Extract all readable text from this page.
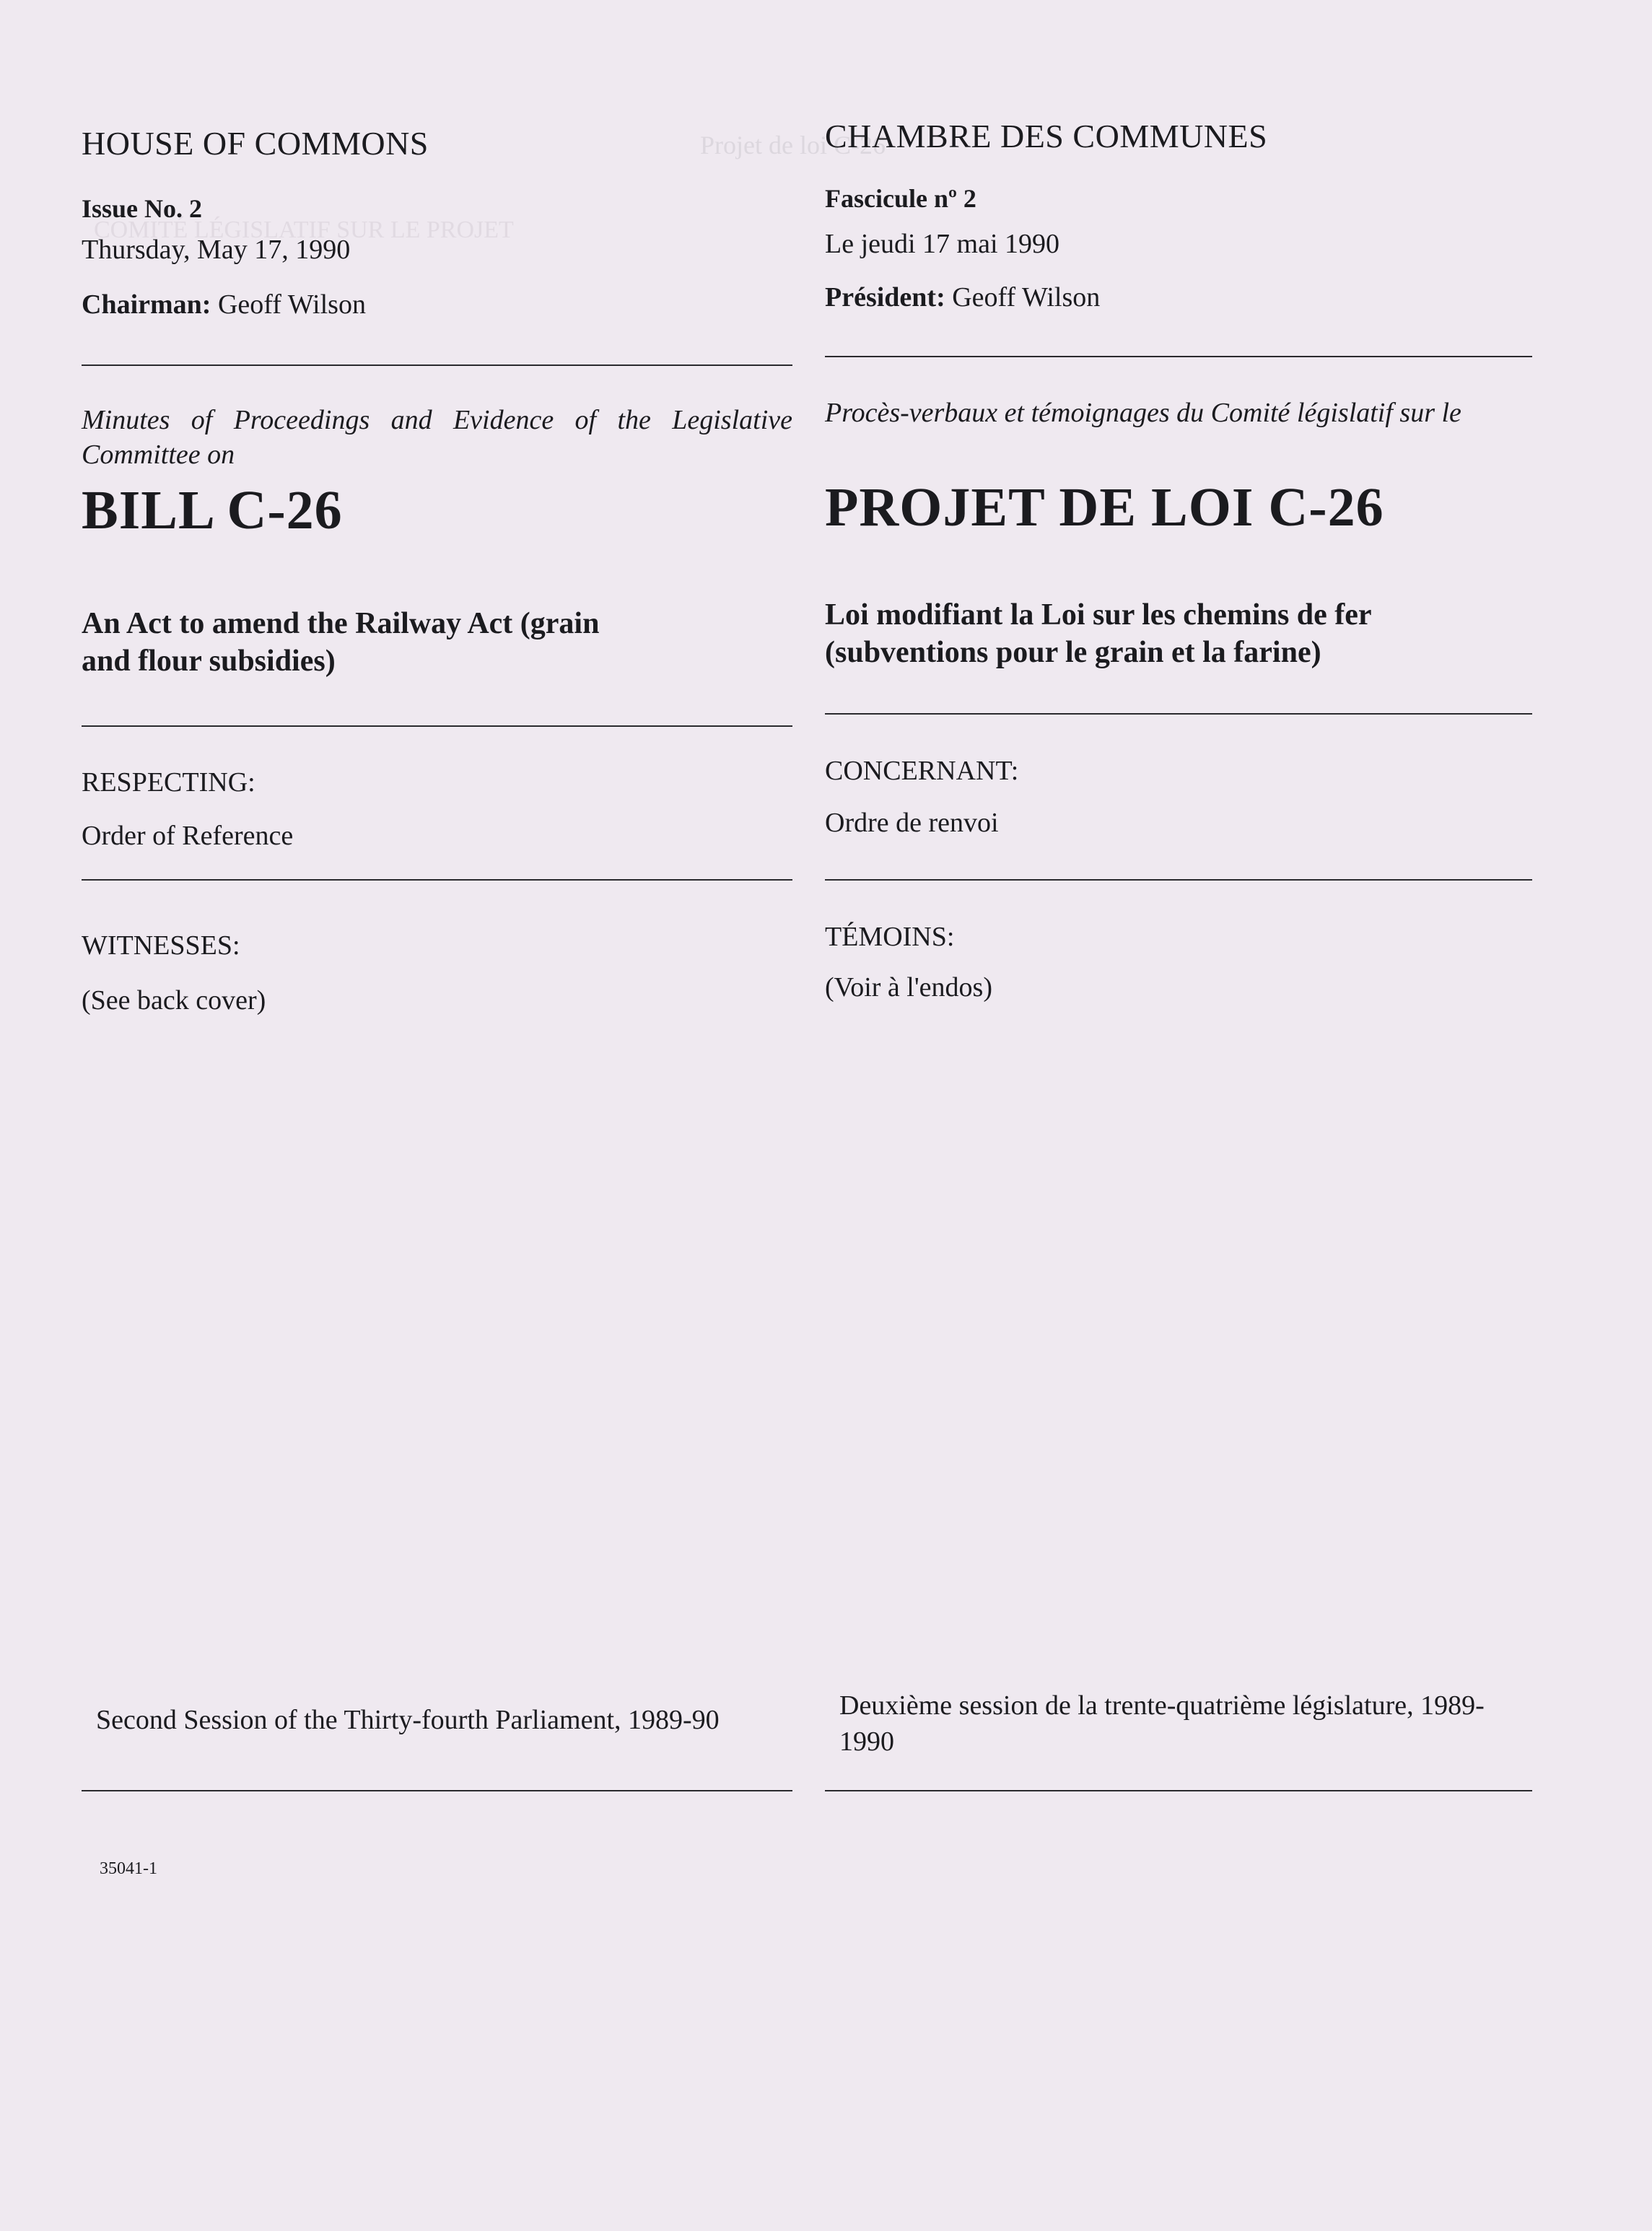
Projet de loi C-26
COMITÉ LÉGISLATIF SUR LE PROJET
HOUSE OF COMMONS
Issue No. 2
Thursday, May 17, 1990
Chairman: Geoff Wilson
Minutes of Proceedings and Evidence of the Legislative Committee on
BILL C-26
An Act to amend the Railway Act (grain and flour subsidies)
RESPECTING:
Order of Reference
WITNESSES:
(See back cover)
Second Session of the Thirty-fourth Parliament, 1989-90
35041-1
CHAMBRE DES COMMUNES
Fascicule nº 2
Le jeudi 17 mai 1990
Président: Geoff Wilson
Procès-verbaux et témoignages du Comité législatif sur le
PROJET DE LOI C-26
Loi modifiant la Loi sur les chemins de fer (subventions pour le grain et la farine)
CONCERNANT:
Ordre de renvoi
TÉMOINS:
(Voir à l'endos)
Deuxième session de la trente-quatrième législature, 1989-1990
